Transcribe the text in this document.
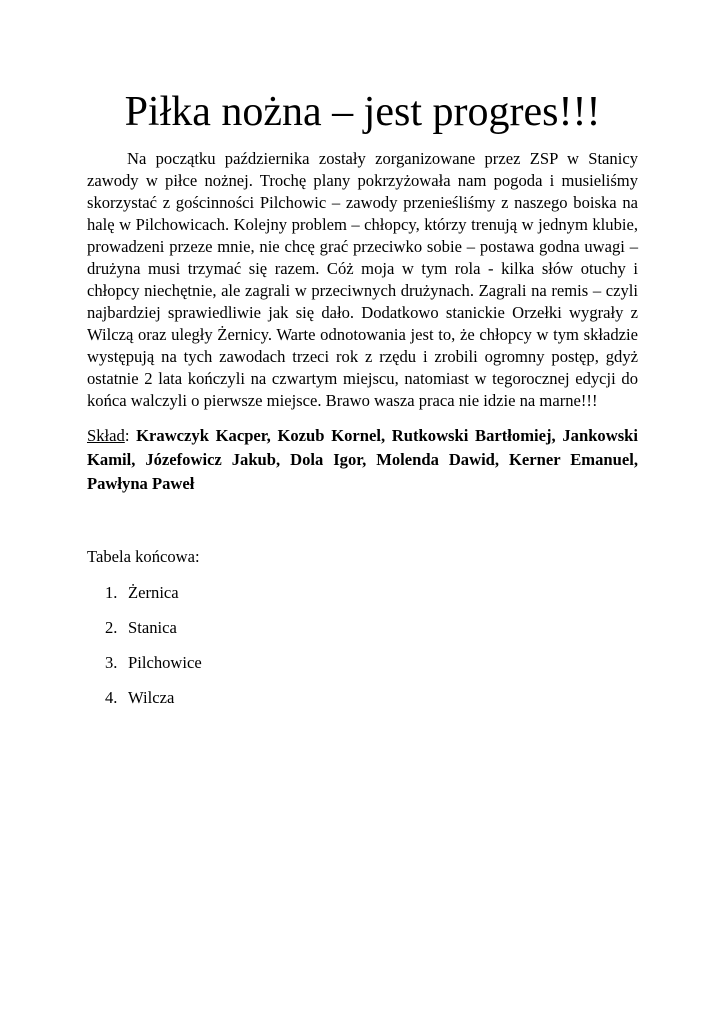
Piłka nożna – jest progres!!!

Na początku października zostały zorganizowane przez ZSP w Stanicy zawody w piłce nożnej. Trochę plany pokrzyżowała nam pogoda i musieliśmy skorzystać z gościnności Pilchowic – zawody przenieśliśmy z naszego boiska na halę w Pilchowicach. Kolejny problem – chłopcy, którzy trenują w jednym klubie, prowadzeni przeze mnie, nie chcę grać przeciwko sobie – postawa godna uwagi – drużyna musi trzymać się razem. Cóż moja w tym rola - kilka słów otuchy i chłopcy niechętnie, ale zagrali w przeciwnych drużynach. Zagrali na remis – czyli najbardziej sprawiedliwie jak się dało. Dodatkowo stanickie Orzełki wygrały z Wilczą oraz uległy Żernicy. Warte odnotowania jest to, że chłopcy w tym składzie występują na tych zawodach trzeci rok z rzędu i zrobili ogromny postęp, gdyż ostatnie 2 lata kończyli na czwartym miejscu, natomiast w tegorocznej edycji do końca walczyli o pierwsze miejsce. Brawo wasza praca nie idzie na marne!!!

Skład: Krawczyk Kacper, Kozub Kornel, Rutkowski Bartłomiej, Jankowski Kamil, Józefowicz Jakub, Dola Igor, Molenda Dawid, Kerner Emanuel, Pawłyna Paweł

Tabela końcowa:

1. Żernica
2. Stanica
3. Pilchowice
4. Wilcza
